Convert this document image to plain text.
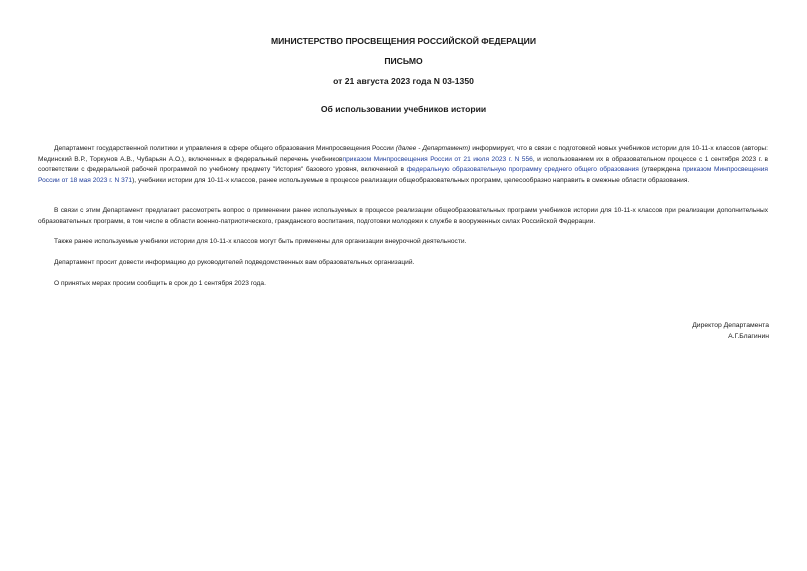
МИНИСТЕРСТВО ПРОСВЕЩЕНИЯ РОССИЙСКОЙ ФЕДЕРАЦИИ
ПИСЬМО
от 21 августа 2023 года N 03-1350
Об использовании учебников истории

Департамент государственной политики и управления в сфере общего образования Минпросвещения России (далее - Департамент) информирует, что в связи с подготовкой новых учебников истории для 10-11-х классов (авторы: Мединский В.Р., Торкунов А.В., Чубарьян А.О.), включенных в федеральный перечень учебниковприказом Минпросвещения России от 21 июля 2023 г. N 556, и использованием их в образовательном процессе с 1 сентября 2023 г. в соответствии с федеральной рабочей программой по учебному предмету "История" базового уровня, включенной в федеральную образовательную программу среднего общего образования (утверждена приказом Минпросвещения России от 18 мая 2023 г. N 371), учебники истории для 10-11-х классов, ранее используемые в процессе реализации общеобразовательных программ, целесообразно направить в смежные области образования.

В связи с этим Департамент предлагает рассмотреть вопрос о применении ранее используемых в процессе реализации общеобразовательных программ учебников истории для 10-11-х классов при реализации дополнительных образовательных программ, в том числе в области военно-патриотического, гражданского воспитания, подготовки молодежи к службе в вооруженных силах Российской Федерации.

Также ранее используемые учебники истории для 10-11-х классов могут быть применены для организации внеурочной деятельности.

Департамент просит довести информацию до руководителей подведомственных вам образовательных организаций.

О принятых мерах просим сообщить в срок до 1 сентября 2023 года.

Директор Департамента
А.Г.Благинин
